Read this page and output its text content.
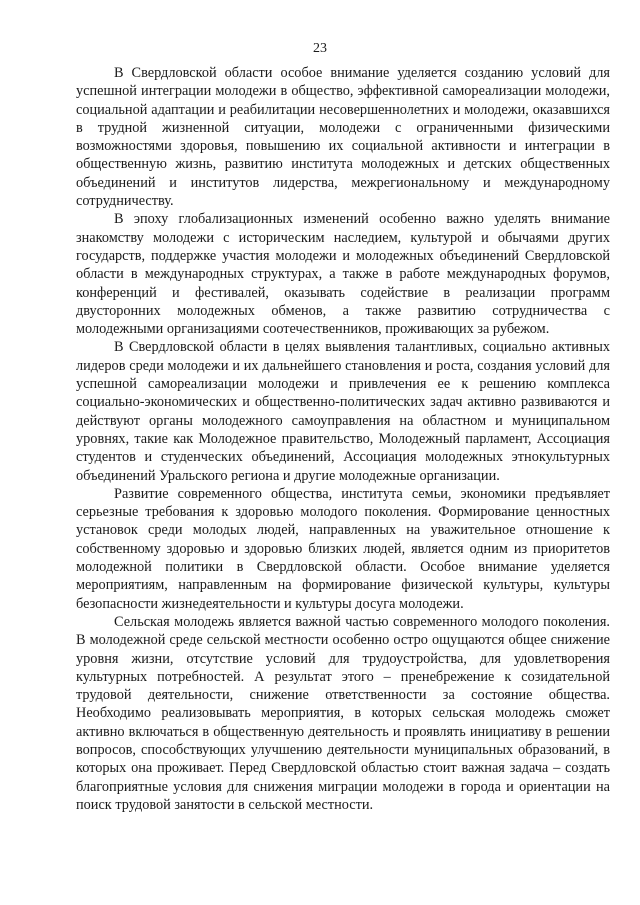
23

В Свердловской области особое внимание уделяется созданию условий для успешной интеграции молодежи в общество, эффективной самореализации молодежи, социальной адаптации и реабилитации несовершеннолетних и молодежи, оказавшихся в трудной жизненной ситуации, молодежи с ограниченными физическими возможностями здоровья, повышению их социальной активности и интеграции в общественную жизнь, развитию института молодежных и детских общественных объединений и институтов лидерства, межрегиональному и международному сотрудничеству.

В эпоху глобализационных изменений особенно важно уделять внимание знакомству молодежи с историческим наследием, культурой и обычаями других государств, поддержке участия молодежи и молодежных объединений Свердловской области в международных структурах, а также в работе международных форумов, конференций и фестивалей, оказывать содействие в реализации программ двусторонних молодежных обменов, а также развитию сотрудничества с молодежными организациями соотечественников, проживающих за рубежом.

В Свердловской области в целях выявления талантливых, социально активных лидеров среди молодежи и их дальнейшего становления и роста, создания условий для успешной самореализации молодежи и привлечения ее к решению комплекса социально-экономических и общественно-политических задач активно развиваются и действуют органы молодежного самоуправления на областном и муниципальном уровнях, такие как Молодежное правительство, Молодежный парламент, Ассоциация студентов и студенческих объединений, Ассоциация молодежных этнокультурных объединений Уральского региона и другие молодежные организации.

Развитие современного общества, института семьи, экономики предъявляет серьезные требования к здоровью молодого поколения. Формирование ценностных установок среди молодых людей, направленных на уважительное отношение к собственному здоровью и здоровью близких людей, является одним из приоритетов молодежной политики в Свердловской области. Особое внимание уделяется мероприятиям, направленным на формирование физической культуры, культуры безопасности жизнедеятельности и культуры досуга молодежи.

Сельская молодежь является важной частью современного молодого поколения. В молодежной среде сельской местности особенно остро ощущаются общее снижение уровня жизни, отсутствие условий для трудоустройства, для удовлетворения культурных потребностей. А результат этого – пренебрежение к созидательной трудовой деятельности, снижение ответственности за состояние общества. Необходимо реализовывать мероприятия, в которых сельская молодежь сможет активно включаться в общественную деятельность и проявлять инициативу в решении вопросов, способствующих улучшению деятельности муниципальных образований, в которых она проживает. Перед Свердловской областью стоит важная задача – создать благоприятные условия для снижения миграции молодежи в города и ориентации на поиск трудовой занятости в сельской местности.
